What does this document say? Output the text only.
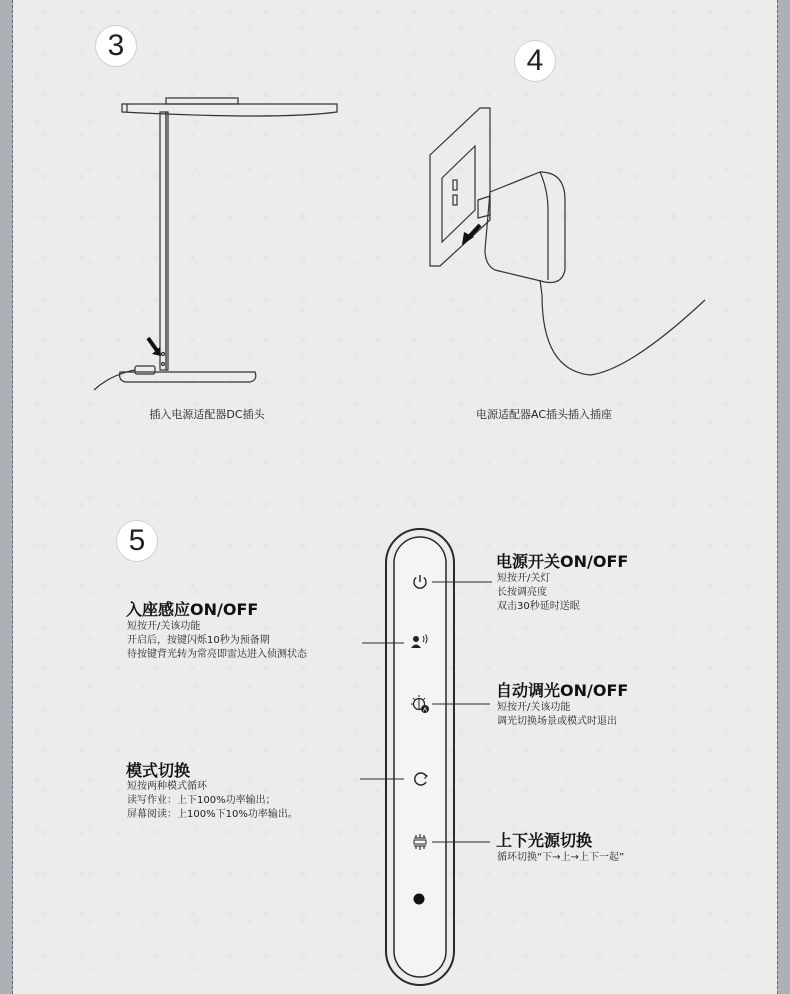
3
插入电源适配器DC插头
4
电源适配器AC插头插入插座
5
A
电源开关ON/OFF
短按开/关灯
长按调亮度
双击30秒延时送眠
入座感应ON/OFF
短按开/关该功能
开启后，按键闪烁10秒为预备期
待按键背光转为常亮即雷达进入侦测状态
自动调光ON/OFF
短按开/关该功能
调光切换场景或模式时退出
模式切换
短按两种模式循环
读写作业：上下100%功率输出；
屏幕阅读：上100%下10%功率输出。
上下光源切换
循环切换“下→上→上下一起”
